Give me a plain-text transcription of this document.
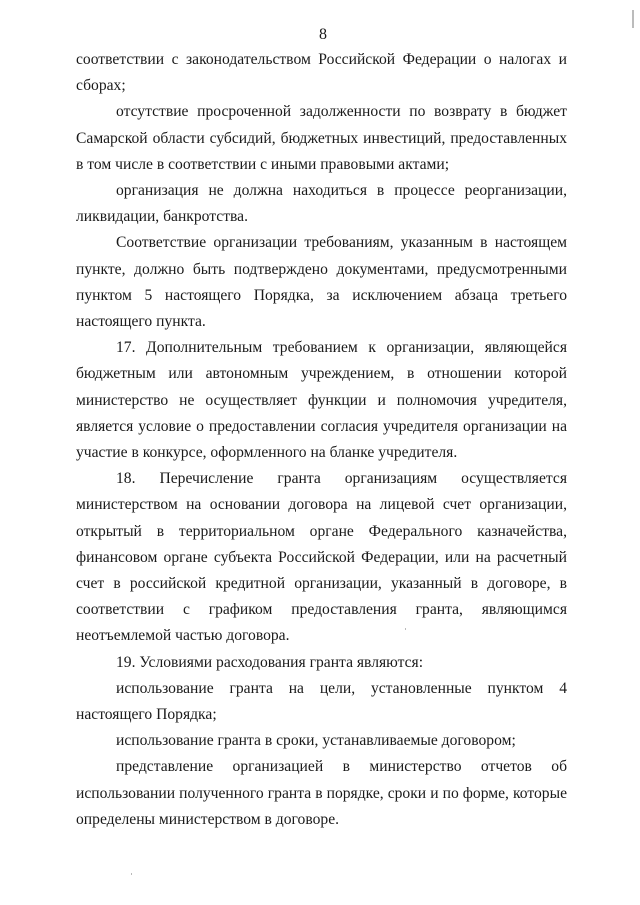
8

соответствии с законодательством Российской Федерации о налогах и сборах;

отсутствие просроченной задолженности по возврату в бюджет Самарской области субсидий, бюджетных инвестиций, предоставленных в том числе в соответствии с иными правовыми актами;

организация не должна находиться в процессе реорганизации, ликвидации, банкротства.

Соответствие организации требованиям, указанным в настоящем пункте, должно быть подтверждено документами, предусмотренными пунктом 5 настоящего Порядка, за исключением абзаца третьего настоящего пункта.

17. Дополнительным требованием к организации, являющейся бюджетным или автономным учреждением, в отношении которой министерство не осуществляет функции и полномочия учредителя, является условие о предоставлении согласия учредителя организации на участие в конкурсе, оформленного на бланке учредителя.

18. Перечисление гранта организациям осуществляется министерством на основании договора на лицевой счет организации, открытый в территориальном органе Федерального казначейства, финансовом органе субъекта Российской Федерации, или на расчетный счет в российской кредитной организации, указанный в договоре, в соответствии с графиком предоставления гранта, являющимся неотъемлемой частью договора.

19. Условиями расходования гранта являются:

использование гранта на цели, установленные пунктом 4 настоящего Порядка;

использование гранта в сроки, устанавливаемые договором;

представление организацией в министерство отчетов об использовании полученного гранта в порядке, сроки и по форме, которые определены министерством в договоре.
